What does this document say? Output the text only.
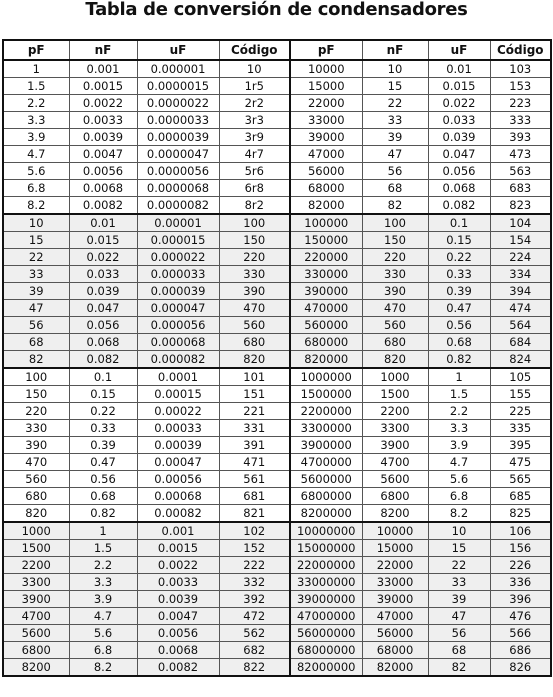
Tabla de conversión de condensadores
pF	nF	uF	Código	pF	nF	uF	Código
1	0.001	0.000001	10	10000	10	0.01	103
1.5	0.0015	0.0000015	1r5	15000	15	0.015	153
2.2	0.0022	0.0000022	2r2	22000	22	0.022	223
3.3	0.0033	0.0000033	3r3	33000	33	0.033	333
3.9	0.0039	0.0000039	3r9	39000	39	0.039	393
4.7	0.0047	0.0000047	4r7	47000	47	0.047	473
5.6	0.0056	0.0000056	5r6	56000	56	0.056	563
6.8	0.0068	0.0000068	6r8	68000	68	0.068	683
8.2	0.0082	0.0000082	8r2	82000	82	0.082	823
10	0.01	0.00001	100	100000	100	0.1	104
15	0.015	0.000015	150	150000	150	0.15	154
22	0.022	0.000022	220	220000	220	0.22	224
33	0.033	0.000033	330	330000	330	0.33	334
39	0.039	0.000039	390	390000	390	0.39	394
47	0.047	0.000047	470	470000	470	0.47	474
56	0.056	0.000056	560	560000	560	0.56	564
68	0.068	0.000068	680	680000	680	0.68	684
82	0.082	0.000082	820	820000	820	0.82	824
100	0.1	0.0001	101	1000000	1000	1	105
150	0.15	0.00015	151	1500000	1500	1.5	155
220	0.22	0.00022	221	2200000	2200	2.2	225
330	0.33	0.00033	331	3300000	3300	3.3	335
390	0.39	0.00039	391	3900000	3900	3.9	395
470	0.47	0.00047	471	4700000	4700	4.7	475
560	0.56	0.00056	561	5600000	5600	5.6	565
680	0.68	0.00068	681	6800000	6800	6.8	685
820	0.82	0.00082	821	8200000	8200	8.2	825
1000	1	0.001	102	10000000	10000	10	106
1500	1.5	0.0015	152	15000000	15000	15	156
2200	2.2	0.0022	222	22000000	22000	22	226
3300	3.3	0.0033	332	33000000	33000	33	336
3900	3.9	0.0039	392	39000000	39000	39	396
4700	4.7	0.0047	472	47000000	47000	47	476
5600	5.6	0.0056	562	56000000	56000	56	566
6800	6.8	0.0068	682	68000000	68000	68	686
8200	8.2	0.0082	822	82000000	82000	82	826
